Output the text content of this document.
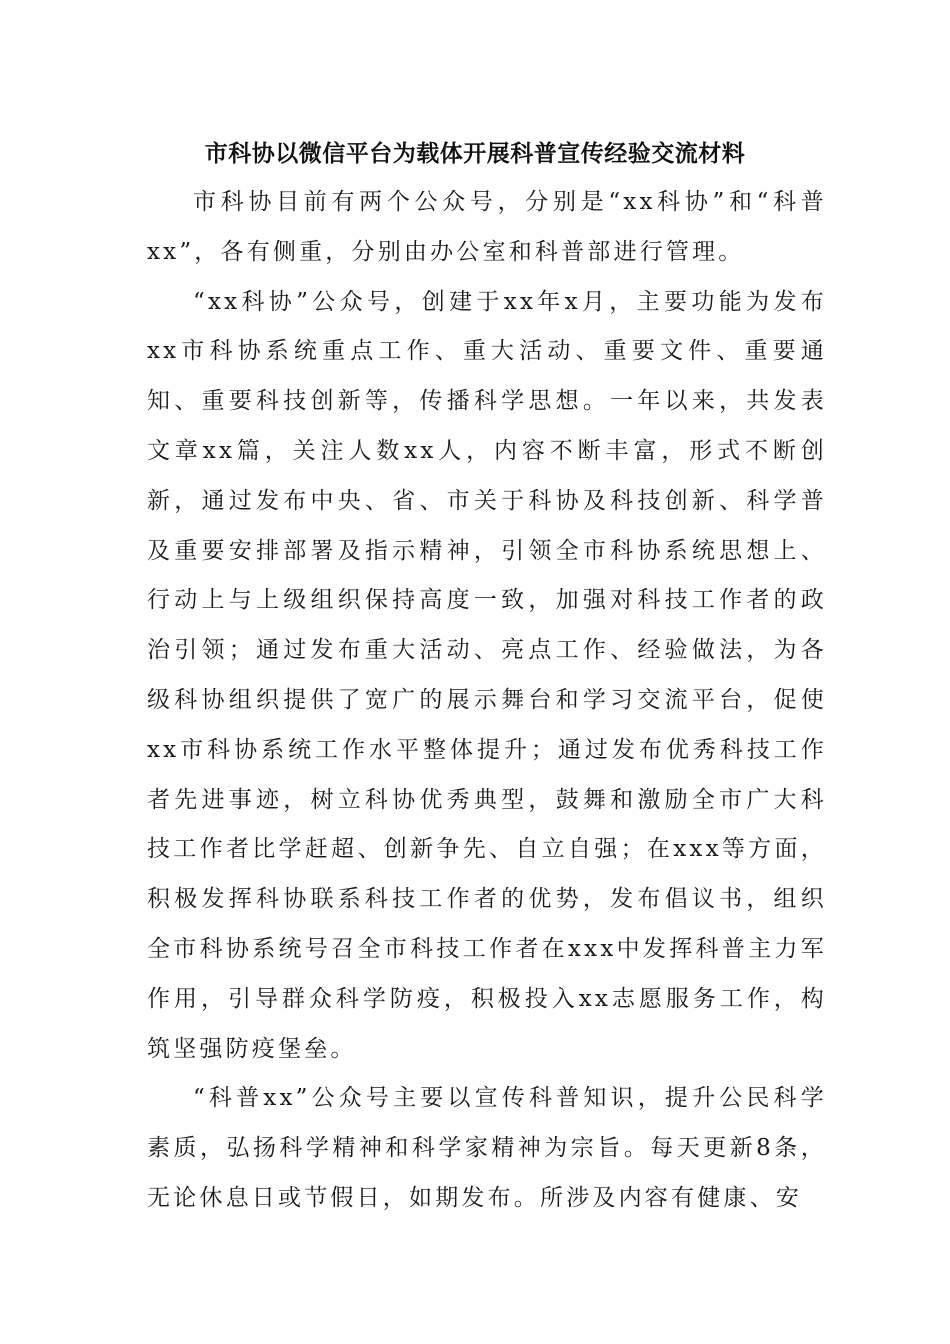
市科协以微信平台为载体开展科普宣传经验交流材料

市科协目前有两个公众号，分别是“xx科协”和“科普xx”，各有侧重，分别由办公室和科普部进行管理。

“xx科协”公众号，创建于xx年x月，主要功能为发布xx市科协系统重点工作、重大活动、重要文件、重要通知、重要科技创新等，传播科学思想。一年以来，共发表文章xx篇，关注人数xx人，内容不断丰富，形式不断创新，通过发布中央、省、市关于科协及科技创新、科学普及重要安排部署及指示精神，引领全市科协系统思想上、行动上与上级组织保持高度一致，加强对科技工作者的政治引领；通过发布重大活动、亮点工作、经验做法，为各级科协组织提供了宽广的展示舞台和学习交流平台，促使xx市科协系统工作水平整体提升；通过发布优秀科技工作者先进事迹，树立科协优秀典型，鼓舞和激励全市广大科技工作者比学赶超、创新争先、自立自强；在xxx等方面，积极发挥科协联系科技工作者的优势，发布倡议书，组织全市科协系统号召全市科技工作者在xxx中发挥科普主力军作用，引导群众科学防疫，积极投入xx志愿服务工作，构筑坚强防疫堡垒。

“科普xx”公众号主要以宣传科普知识，提升公民科学素质，弘扬科学精神和科学家精神为宗旨。每天更新8条，无论休息日或节假日，如期发布。所涉及内容有健康、安
